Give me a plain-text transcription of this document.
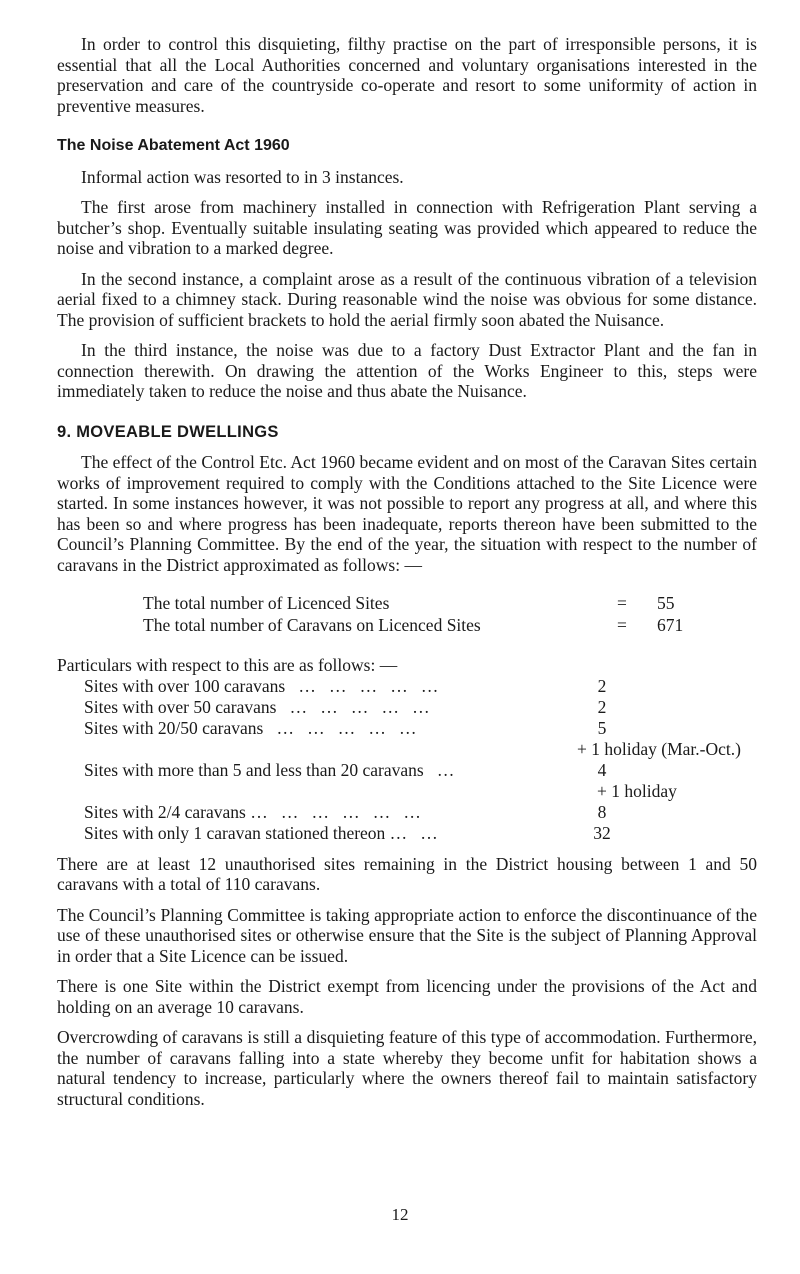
In order to control this disquieting, filthy practise on the part of irresponsible persons, it is essential that all the Local Authorities concerned and voluntary organisations interested in the preservation and care of the countryside co-operate and resort to some uniformity of action in preventive measures.

The Noise Abatement Act 1960

Informal action was resorted to in 3 instances.

The first arose from machinery installed in connection with Refrigeration Plant serving a butcher’s shop. Eventually suitable insulating seating was provided which appeared to reduce the noise and vibration to a marked degree.

In the second instance, a complaint arose as a result of the continuous vibration of a television aerial fixed to a chimney stack. During reasonable wind the noise was obvious for some distance. The provision of sufficient brackets to hold the aerial firmly soon abated the Nuisance.

In the third instance, the noise was due to a factory Dust Extractor Plant and the fan in connection therewith. On drawing the attention of the Works Engineer to this, steps were immediately taken to reduce the noise and thus abate the Nuisance.

9. MOVEABLE DWELLINGS

The effect of the Control Etc. Act 1960 became evident and on most of the Caravan Sites certain works of improvement required to comply with the Conditions attached to the Site Licence were started. In some instances however, it was not possible to report any progress at all, and where this has been so and where progress has been inadequate, reports thereon have been submitted to the Council’s Planning Committee. By the end of the year, the situation with respect to the number of caravans in the District approximated as follows: —

The total number of Licenced Sites	=	55
The total number of Caravans on Licenced Sites	=	671
Particulars with respect to this are as follows: —
Sites with over 100 caravans   …   …   …   …   …	2
Sites with over 50 caravans   …   …   …   …   …	2
Sites with 20/50 caravans   …   …   …   …   …	5
+ 1 holiday (Mar.-Oct.)
Sites with more than 5 and less than 20 caravans   …	4
+ 1 holiday
Sites with 2/4 caravans …   …   …   …   …   …	8
Sites with only 1 caravan stationed thereon …   …	32

There are at least 12 unauthorised sites remaining in the District housing between 1 and 50 caravans with a total of 110 caravans.

The Council’s Planning Committee is taking appropriate action to enforce the discontinuance of the use of these unauthorised sites or otherwise ensure that the Site is the subject of Planning Approval in order that a Site Licence can be issued.

There is one Site within the District exempt from licencing under the provisions of the Act and holding on an average 10 caravans.

Overcrowding of caravans is still a disquieting feature of this type of accommodation. Furthermore, the number of caravans falling into a state whereby they become unfit for habitation shows a natural tendency to increase, particularly where the owners thereof fail to maintain satisfactory structural conditions.

12
